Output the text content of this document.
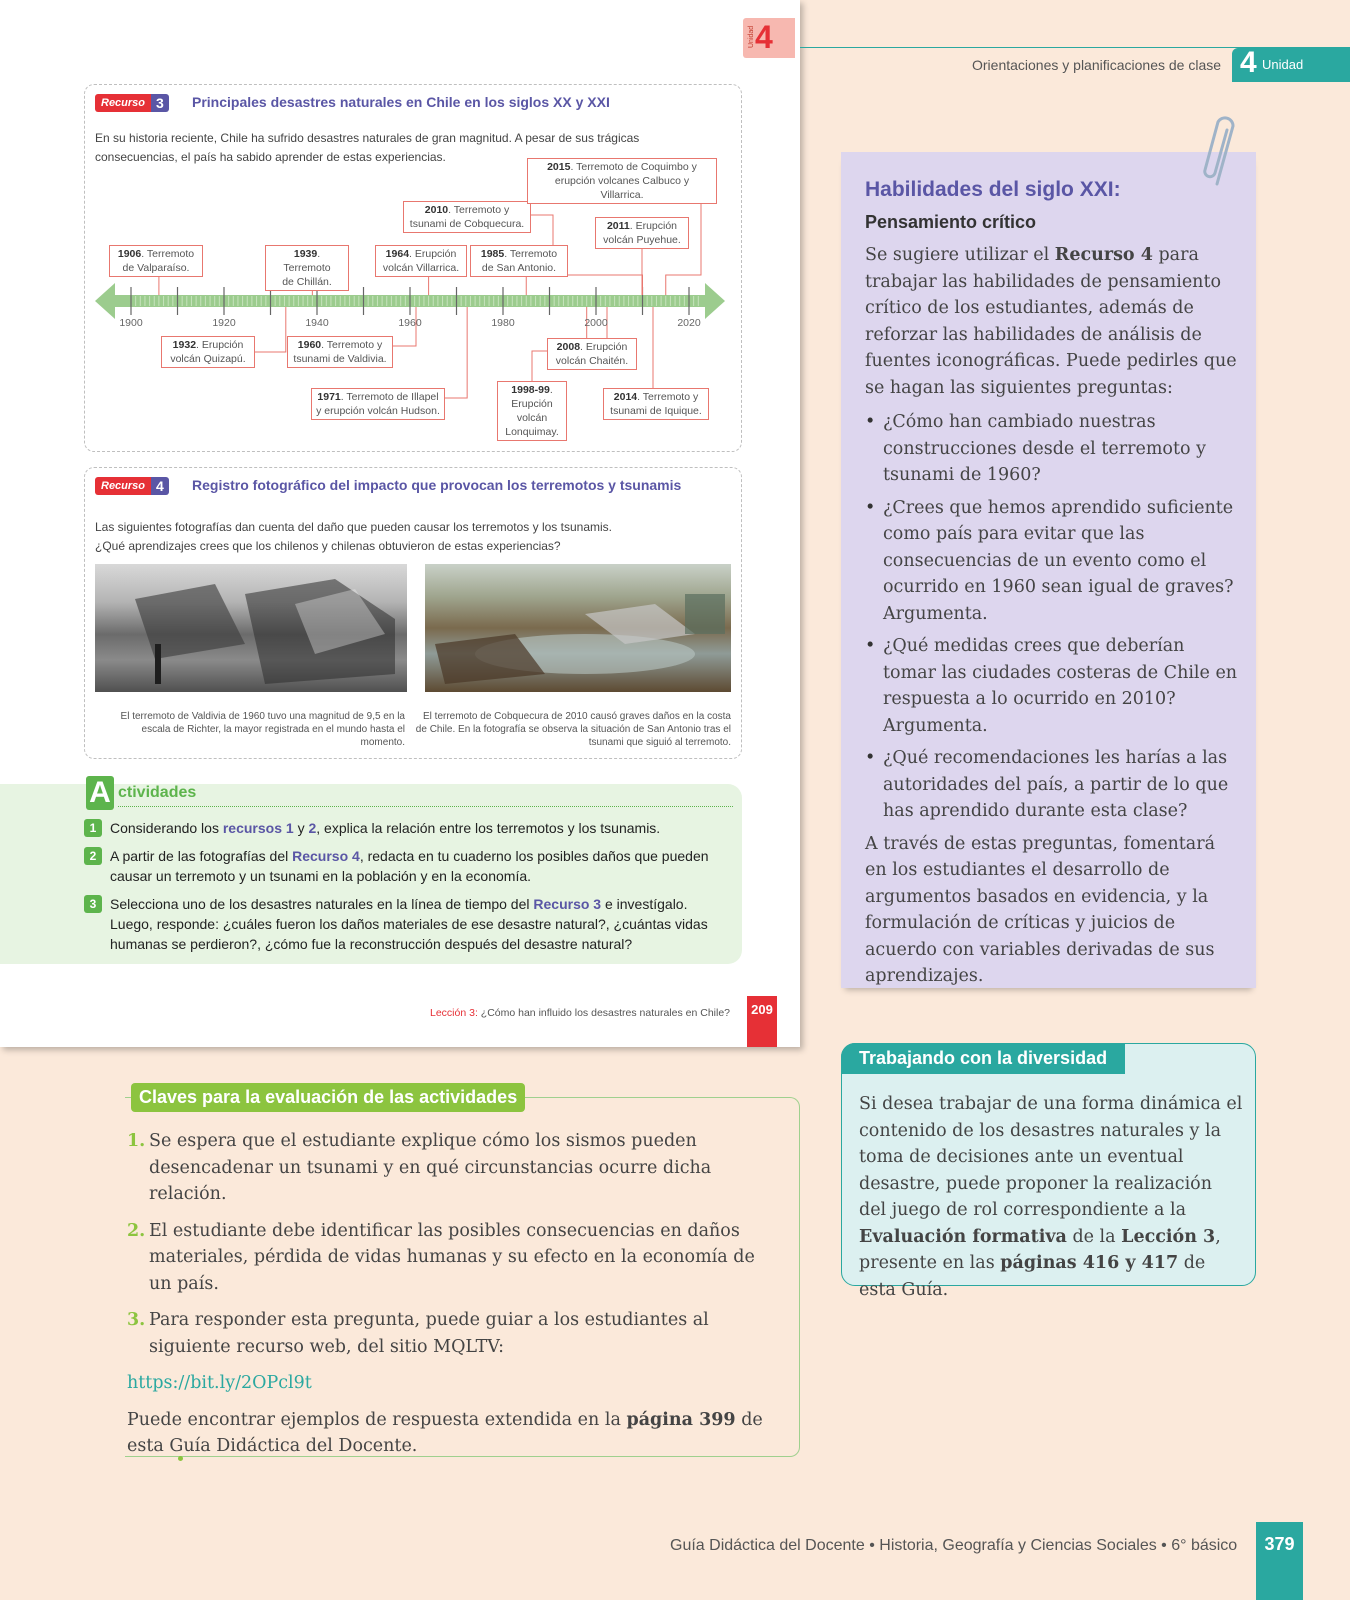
Unidad 4
Recurso 3	Principales desastres naturales en Chile en los siglos XX y XXI
En su historia reciente, Chile ha sufrido desastres naturales de gran magnitud. A pesar de sus trágicas
consecuencias, el país ha sabido aprender de estas experiencias.
1900	1920	1940	1960	1980	2000	2020
1906. Terremoto
de Valparaíso.
1939. Terremoto
de Chillán.
1964. Erupción
volcán Villarrica.
1985. Terremoto
de San Antonio.
2010. Terremoto y
tsunami de Cobquecura.	2011. Erupción
volcán Puyehue.
2015. Terremoto de Coquimbo y
erupción volcanes Calbuco y Villarrica.
1932. Erupción
volcán Quizapú.
1960. Terremoto y
tsunami de Valdivia.
1971. Terremoto de Illapel
y erupción volcán Hudson.
1998-99.
Erupción volcán
Lonquimay.
2008. Erupción
volcán Chaitén.
2014. Terremoto y
tsunami de Iquique.
Recurso 4	Registro fotográfico del impacto que provocan los terremotos y tsunamis
Las siguientes fotografías dan cuenta del daño que pueden causar los terremotos y los tsunamis.
¿Qué aprendizajes crees que los chilenos y chilenas obtuvieron de estas experiencias?
El terremoto de Valdivia de 1960 tuvo una magnitud de 9,5 en la escala de Richter, la mayor registrada en el mundo hasta el momento.
El terremoto de Cobquecura de 2010 causó graves daños en la costa de Chile. En la fotografía se observa la situación de San Antonio tras el tsunami que siguió al terremoto.
A ctividades
1 Considerando los recursos 1 y 2, explica la relación entre los terremotos y los tsunamis.
2 A partir de las fotografías del Recurso 4, redacta en tu cuaderno los posibles daños que pueden causar un terremoto y un tsunami en la población y en la economía.
3 Selecciona uno de los desastres naturales en la línea de tiempo del Recurso 3 e investígalo. Luego, responde: ¿cuáles fueron los daños materiales de ese desastre natural?, ¿cuántas vidas humanas se perdieron?, ¿cómo fue la reconstrucción después del desastre natural?
Lección 3: ¿Cómo han influido los desastres naturales en Chile?	209
Orientaciones y planificaciones de clase 4 Unidad
Habilidades del siglo XXI:
Pensamiento crítico

Se sugiere utilizar el Recurso 4 para trabajar las habilidades de pensamiento crítico de los estudiantes, además de reforzar las habilidades de análisis de fuentes iconográficas. Puede pedirles que se hagan las siguientes preguntas:

• ¿Cómo han cambiado nuestras construcciones desde el terremoto y tsunami de 1960?
• ¿Crees que hemos aprendido suficiente como país para evitar que las consecuencias de un evento como el ocurrido en 1960 sean igual de graves? Argumenta.
• ¿Qué medidas crees que deberían tomar las ciudades costeras de Chile en respuesta a lo ocurrido en 2010? Argumenta.
• ¿Qué recomendaciones les harías a las autoridades del país, a partir de lo que has aprendido durante esta clase?

A través de estas preguntas, fomentará en los estudiantes el desarrollo de argumentos basados en evidencia, y la formulación de críticas y juicios de acuerdo con variables derivadas de sus aprendizajes.

Trabajando con la diversidad
Si desea trabajar de una forma dinámica el contenido de los desastres naturales y la toma de decisiones ante un eventual desastre, puede proponer la realización del juego de rol correspondiente a la Evaluación formativa de la Lección 3, presente en las páginas 416 y 417 de esta Guía.
Claves para la evaluación de las actividades
1. Se espera que el estudiante explique cómo los sismos pueden desencadenar un tsunami y en qué circunstancias ocurre dicha relación.
2. El estudiante debe identificar las posibles consecuencias en daños materiales, pérdida de vidas humanas y su efecto en la economía de un país.
3. Para responder esta pregunta, puede guiar a los estudiantes al siguiente recurso web, del sitio MQLTV:
https://bit.ly/2OPcl9t
Puede encontrar ejemplos de respuesta extendida en la página 399 de esta Guía Didáctica del Docente.
Guía Didáctica del Docente • Historia, Geografía y Ciencias Sociales • 6° básico	379
